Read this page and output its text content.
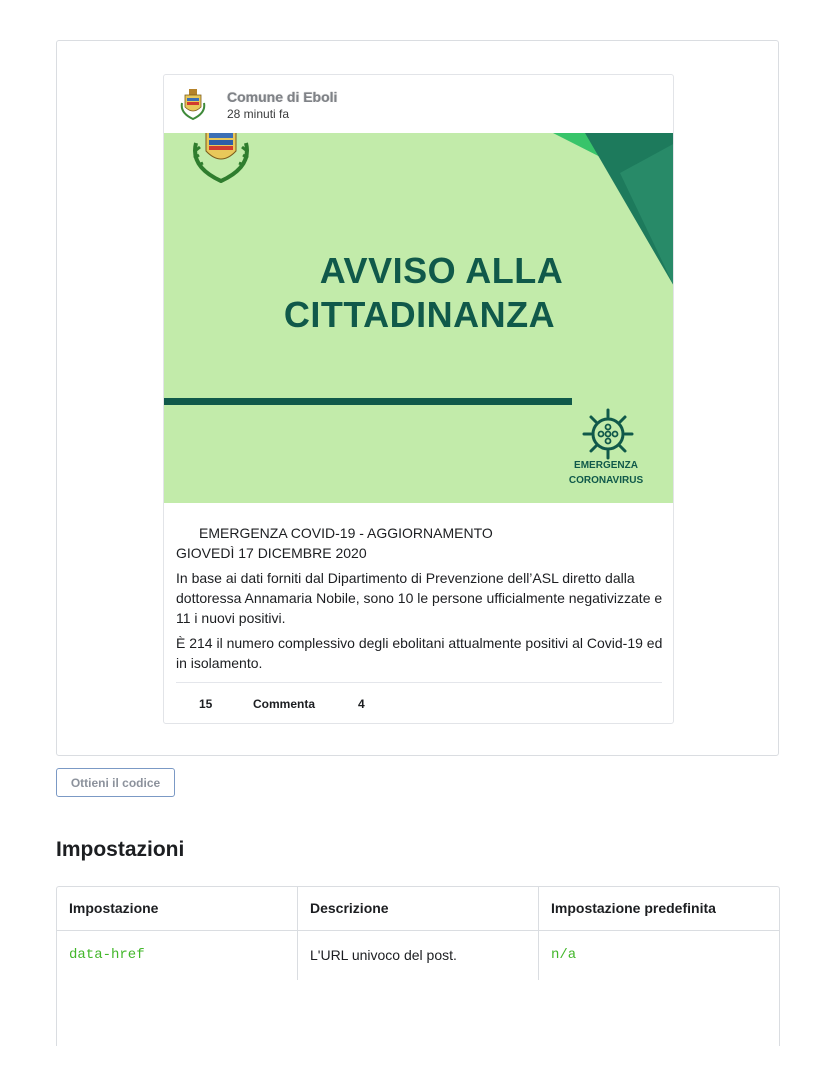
Comune di Eboli
28 minuti fa
AVVISO ALLA
CITTADINANZA
EMERGENZA
CORONAVIRUS

EMERGENZA COVID-19 - AGGIORNAMENTO

GIOVEDÌ 17 DICEMBRE 2020

In base ai dati forniti dal Dipartimento di Prevenzione dell’ASL diretto dalla dottoressa Annamaria Nobile, sono 10 le persone ufficialmente negativizzate e 11 i nuovi positivi.

È 214 il numero complessivo degli ebolitani attualmente positivi al Covid-19 ed in isolamento.

15	Commenta	4
Ottieni il codice
Impostazioni
Impostazione	Descrizione	Impostazione predefinita
data-href	L'URL univoco del post.	n/a
